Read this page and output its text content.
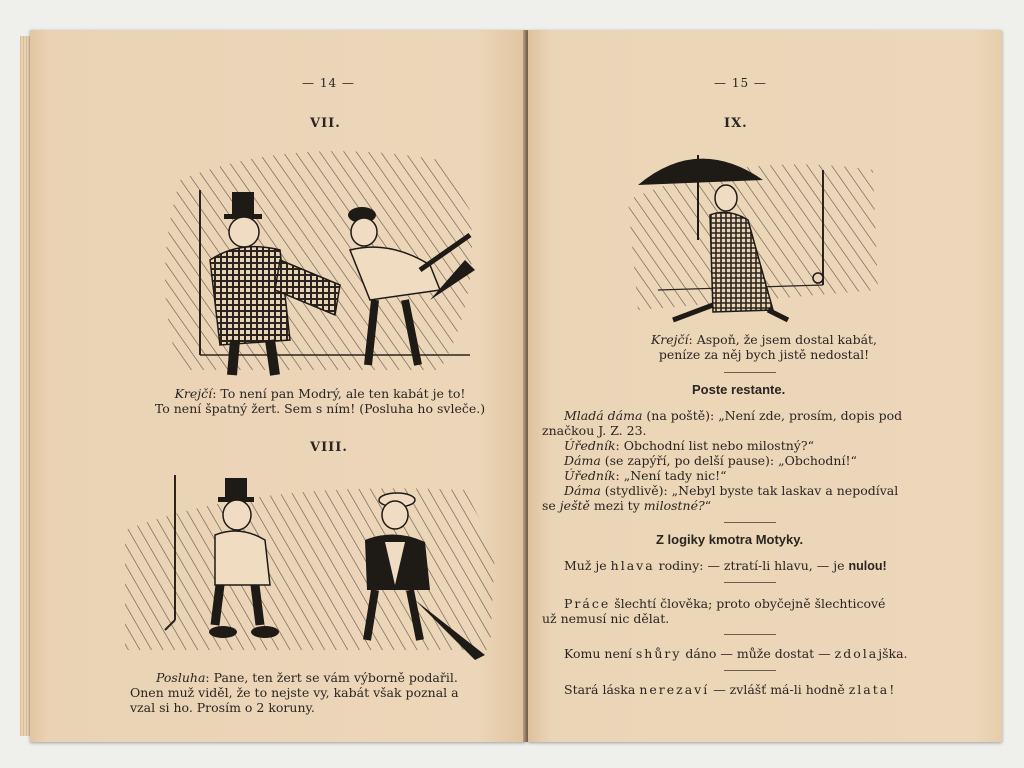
— 14 —
VII.
Krejčí: To není pan Modrý, ale ten kabát je to!
To není špatný žert. Sem s ním! (Posluha ho svleče.)
VIII.
Posluha: Pane, ten žert se vám výborně podařil.
Onen muž viděl, že to nejste vy, kabát však poznal a
vzal si ho. Prosím o 2 koruny.
— 15 —
IX.
Krejčí: Aspoň, že jsem dostal kabát,
peníze za něj bych jistě nedostal!
Poste restante.
Mladá dáma (na poště): „Není zde, prosím, dopis pod
značkou J. Z. 23.
Úředník: Obchodní list nebo milostný?“
Dáma (se zapýří, po delší pause): „Obchodní!“
Úředník: „Není tady nic!“
Dáma (stydlivě): „Nebyl byste tak laskav a nepodíval
se ještě mezi ty milostné?“
Z logiky kmotra Motyky.
Muž je hlava rodiny: — ztratí-li hlavu, — je nulou!
Práce šlechtí člověka; proto obyčejně šlechticové
už nemusí nic dělat.
Komu není shůry dáno — může dostat — zdolajška.
Stará láska nerezaví — zvlášť má-li hodně zlata!
